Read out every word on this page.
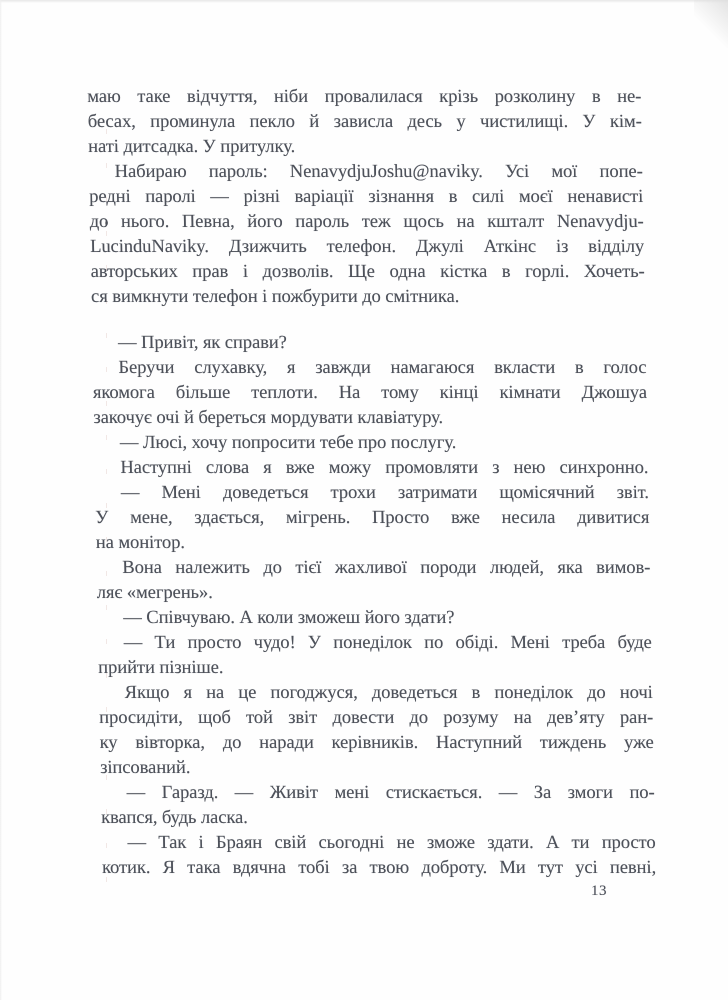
маю таке відчуття, ніби провалилася крізь розколину в не-
бесах, проминула пекло й зависла десь у чистилищі. У кім-
наті дитсадка. У притулку.
Набираю пароль: NenavydjuJoshu@naviky. Усі мої попе-
редні паролі — різні варіації зізнання в силі моєї ненависті
до нього. Певна, його пароль теж щось на кшталт Nenavydju-
LucinduNaviky. Дзижчить телефон. Джулі Аткінс із відділу
авторських прав і дозволів. Ще одна кістка в горлі. Хочеть-
ся вимкнути телефон і пожбурити до смітника.
— Привіт, як справи?
Беручи слухавку, я завжди намагаюся вкласти в голос
якомога більше теплоти. На тому кінці кімнати Джошуа
закочує очі й береться мордувати клавіатуру.
— Люсі, хочу попросити тебе про послугу.
Наступні слова я вже можу промовляти з нею синхронно.
— Мені доведеться трохи затримати щомісячний звіт.
У мене, здається, мігрень. Просто вже несила дивитися
на монітор.
Вона належить до тієї жахливої породи людей, яка вимов-
ляє «мегрень».
— Співчуваю. А коли зможеш його здати?
— Ти просто чудо! У понеділок по обіді. Мені треба буде
прийти пізніше.
Якщо я на це погоджуся, доведеться в понеділок до ночі
просидіти, щоб той звіт довести до розуму на дев’яту ран-
ку вівторка, до наради керівників. Наступний тиждень уже
зіпсований.
— Гаразд. — Живіт мені стискається. — За змоги по-
квапся, будь ласка.
— Так і Браян свій сьогодні не зможе здати. А ти просто
котик. Я така вдячна тобі за твою доброту. Ми тут усі певні,
13
